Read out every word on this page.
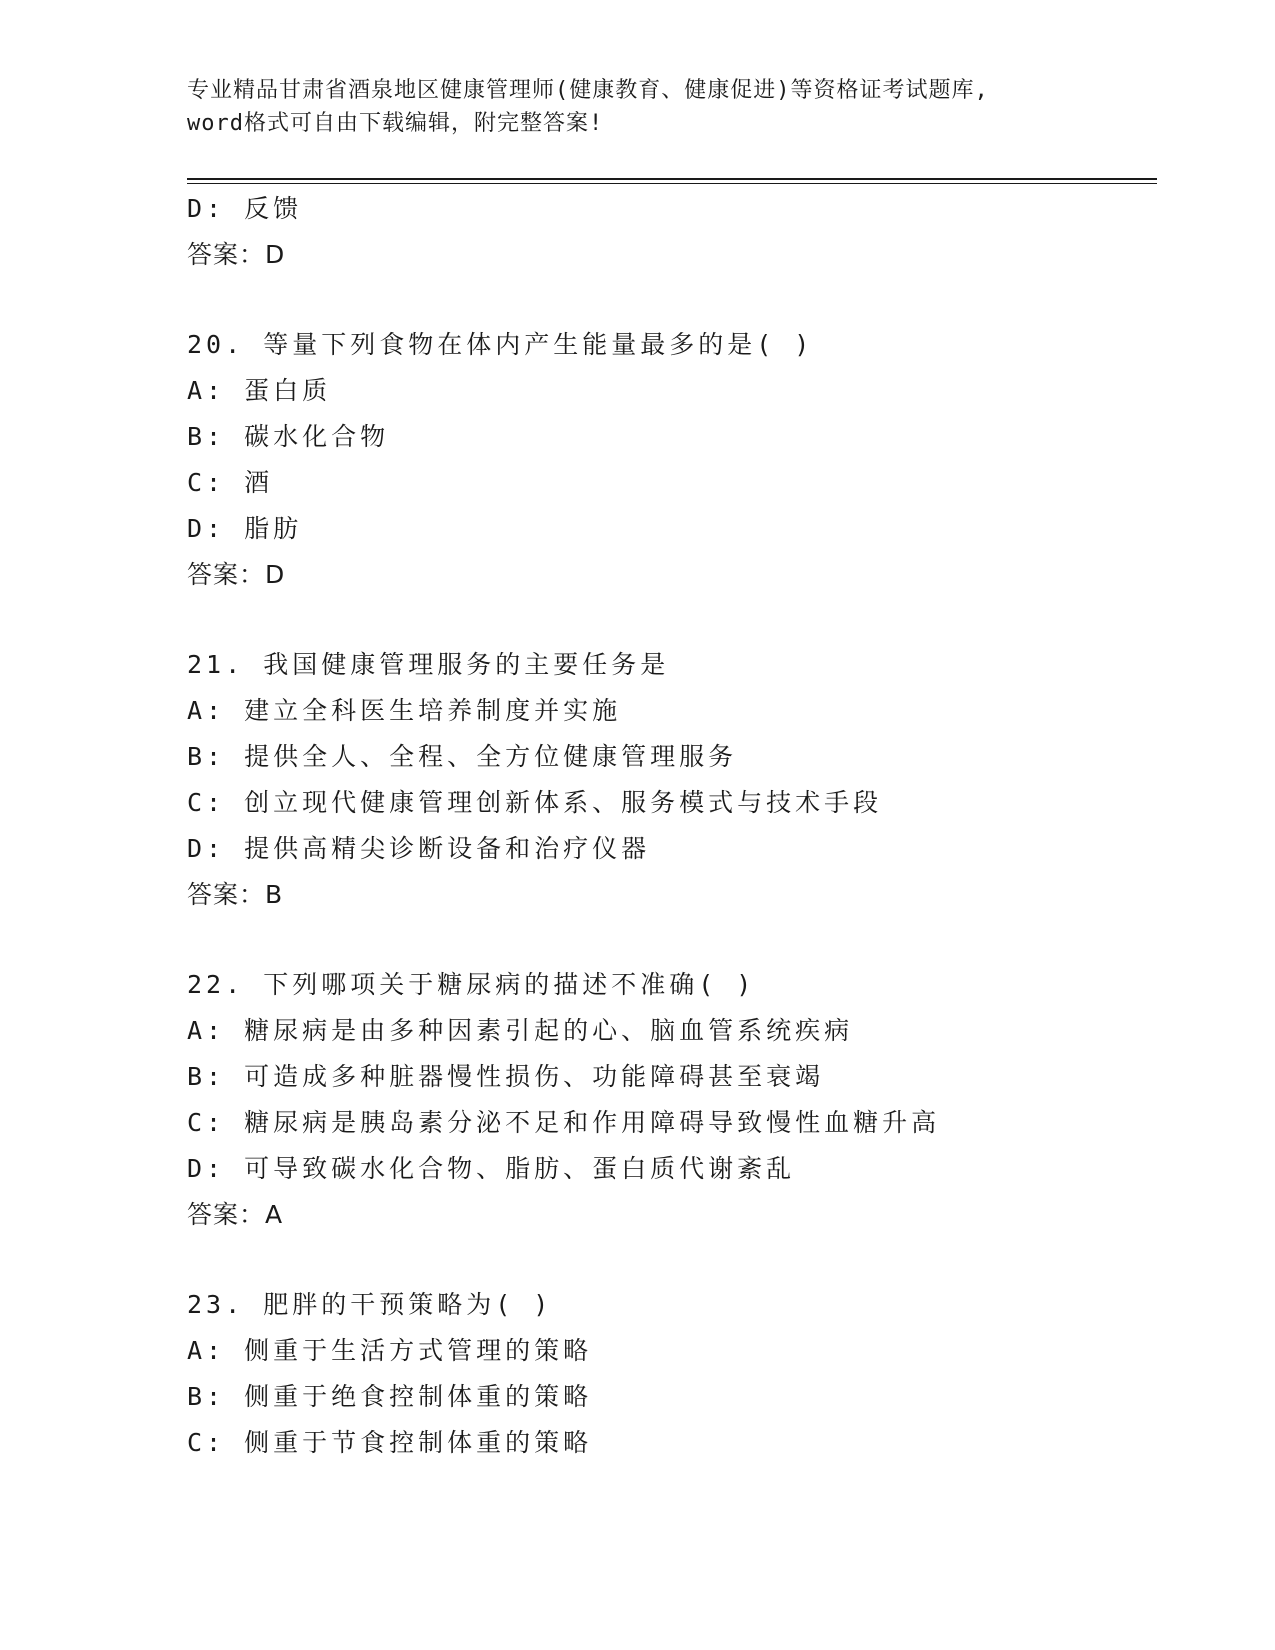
专业精品甘肃省酒泉地区健康管理师(健康教育、健康促进)等资格证考试题库,
word格式可自由下载编辑，附完整答案!
D: 反馈
答案：D
20. 等量下列食物在体内产生能量最多的是( )
A: 蛋白质
B: 碳水化合物
C: 酒
D: 脂肪
答案：D
21. 我国健康管理服务的主要任务是
A: 建立全科医生培养制度并实施
B: 提供全人、全程、全方位健康管理服务
C: 创立现代健康管理创新体系、服务模式与技术手段
D: 提供高精尖诊断设备和治疗仪器
答案：B
22. 下列哪项关于糖尿病的描述不准确( )
A: 糖尿病是由多种因素引起的心、脑血管系统疾病
B: 可造成多种脏器慢性损伤、功能障碍甚至衰竭
C: 糖尿病是胰岛素分泌不足和作用障碍导致慢性血糖升高
D: 可导致碳水化合物、脂肪、蛋白质代谢紊乱
答案：A
23. 肥胖的干预策略为( )
A: 侧重于生活方式管理的策略
B: 侧重于绝食控制体重的策略
C: 侧重于节食控制体重的策略
